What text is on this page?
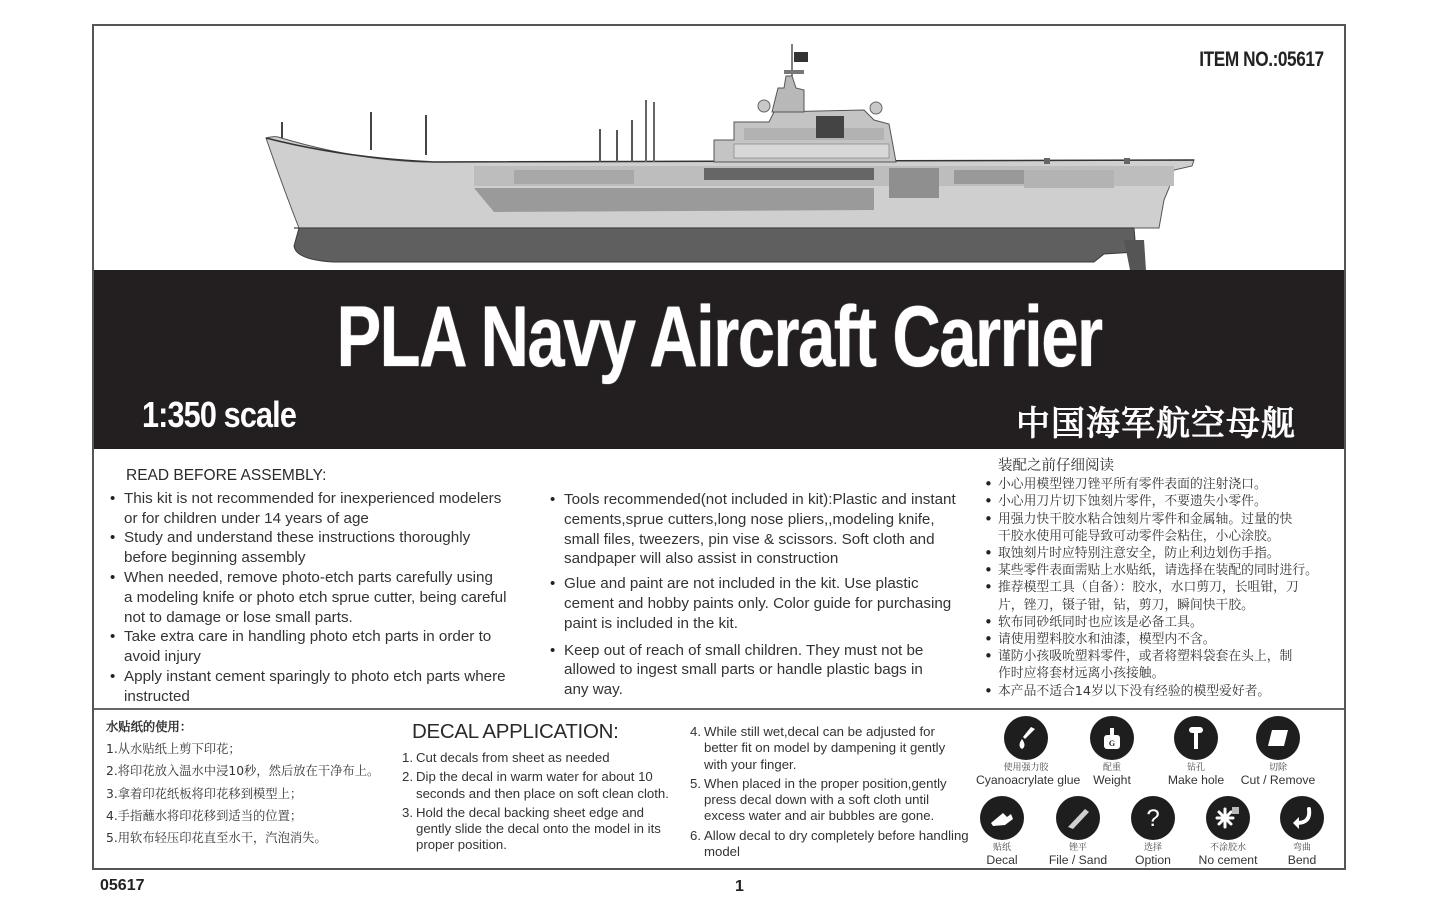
ITEM NO.:05617
PLA Navy Aircraft Carrier
1:350 scale	中国海军航空母舰
READ BEFORE ASSEMBLY:
• This kit is not recommended for inexperienced modelers
or for children under 14 years of age
• Study and understand these instructions thoroughly
before beginning assembly
• When needed, remove photo-etch parts carefully using
a modeling knife or photo etch sprue cutter, being careful
not to damage or lose small parts.
• Take extra care in handling photo etch parts in order to
avoid injury
• Apply instant cement sparingly to photo etch parts where
instructed
• Tools recommended(not included in kit):Plastic and instant
cements,sprue cutters,long nose pliers,,modeling knife,
small files, tweezers, pin vise & scissors. Soft cloth and
sandpaper will also assist in construction
• Glue and paint are not included in the kit. Use plastic
cement and hobby paints only. Color guide for purchasing
paint is included in the kit.
• Keep out of reach of small children. They must not be
allowed to ingest small parts or handle plastic bags in
any way.
装配之前仔细阅读
• 小心用模型锉刀锉平所有零件表面的注射浇口。
• 小心用刀片切下蚀刻片零件，不要遗失小零件。
• 用强力快干胶水粘合蚀刻片零件和金属轴。过量的快
干胶水使用可能导致可动零件会粘住，小心涂胶。
• 取蚀刻片时应特别注意安全，防止利边划伤手指。
• 某些零件表面需贴上水贴纸，请选择在装配的同时进行。
• 推荐模型工具（自备）：胶水，水口剪刀，长咀钳，刀
片，锉刀，镊子钳，钻，剪刀，瞬间快干胶。
• 软布同砂纸同时也应该是必备工具。
• 请使用塑料胶水和油漆，模型内不含。
• 谨防小孩吸吮塑料零件，或者将塑料袋套在头上，制
作时应将套材远离小孩接触。
• 本产品不适合14岁以下没有经验的模型爱好者。
水贴纸的使用：
1.从水贴纸上剪下印花；
2.将印花放入温水中浸10秒，然后放在干净布上。
3.拿着印花纸板将印花移到模型上；
4.手指蘸水将印花移到适当的位置；
5.用软布轻压印花直至水干，汽泡消失。
DECAL APPLICATION:
1. Cut decals from sheet as needed
2. Dip the decal in warm water for about 10
seconds and then place on soft clean cloth.
3. Hold the decal backing sheet edge and
gently slide the decal onto the model in its
proper position.
4. While still wet,decal can be adjusted for
better fit on model by dampening it gently
with your finger.
5. When placed in the proper position,gently
press decal down with a soft cloth until
excess water and air bubbles are gone.
6. Allow decal to dry completely before handling
model
使用强力胶
Cyanoacrylate glue
G
配重
Weight
钻孔
Make hole
切除
Cut / Remove
贴纸
Decal
锉平
File / Sand
?
选择
Option
不涂胶水
No cement
弯曲
Bend
05617	1
